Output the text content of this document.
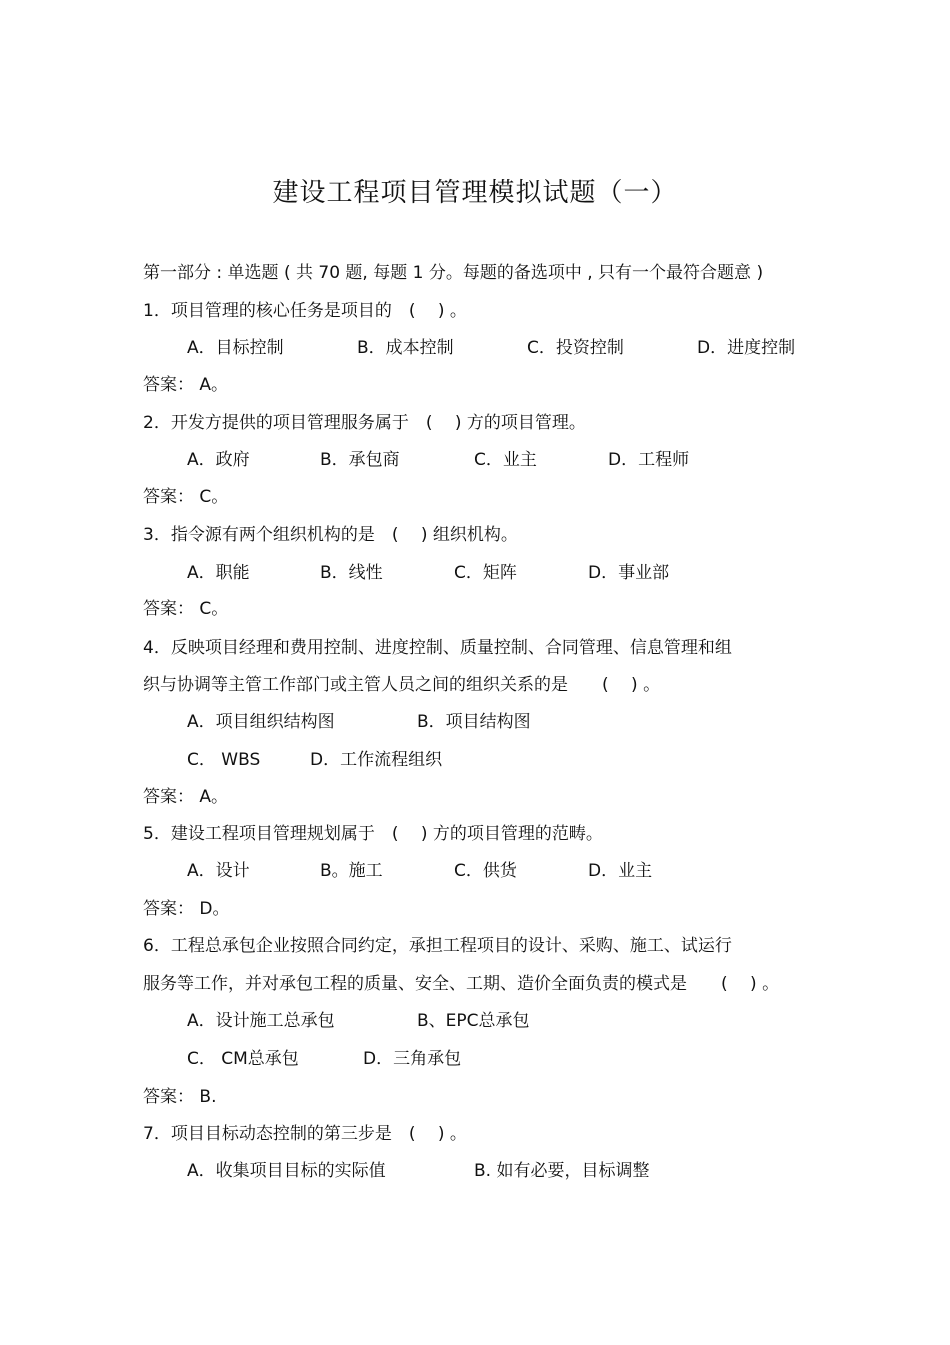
建设工程项目管理模拟试题（一）
第一部分 : 单选题 ( 共 70 题, 每题 1 分。每题的备选项中 , 只有一个最符合题意 )
1．项目管理的核心任务是项目的　(　 ) 。
A．目标控制	B．成本控制	C．投资控制	D．进度控制
答案： A。
2．开发方提供的项目管理服务属于　(　 ) 方的项目管理。
A．政府	B．承包商	C．业主	D．工程师
答案： C。
3．指令源有两个组织机构的是　(　 ) 组织机构。
A．职能	B．线性	C．矩阵	D．事业部
答案： C。
4．反映项目经理和费用控制、进度控制、质量控制、合同管理、信息管理和组
织与协调等主管工作部门或主管人员之间的组织关系的是　　(　 ) 。
A．项目组织结构图	B．项目结构图
C． WBS	D．工作流程组织
答案： A。
5．建设工程项目管理规划属于　(　 ) 方的项目管理的范畴。
A．设计	B。施工	C．供货	D．业主
答案： D。
6．工程总承包企业按照合同约定，承担工程项目的设计、采购、施工、试运行
服务等工作，并对承包工程的质量、安全、工期、造价全面负责的模式是　　(　 ) 。
A．设计施工总承包	B、EPC总承包
C． CM总承包	D．三角承包
答案： B.
7．项目目标动态控制的第三步是　(　 ) 。
A．收集项目目标的实际值	B. 如有必要，目标调整
